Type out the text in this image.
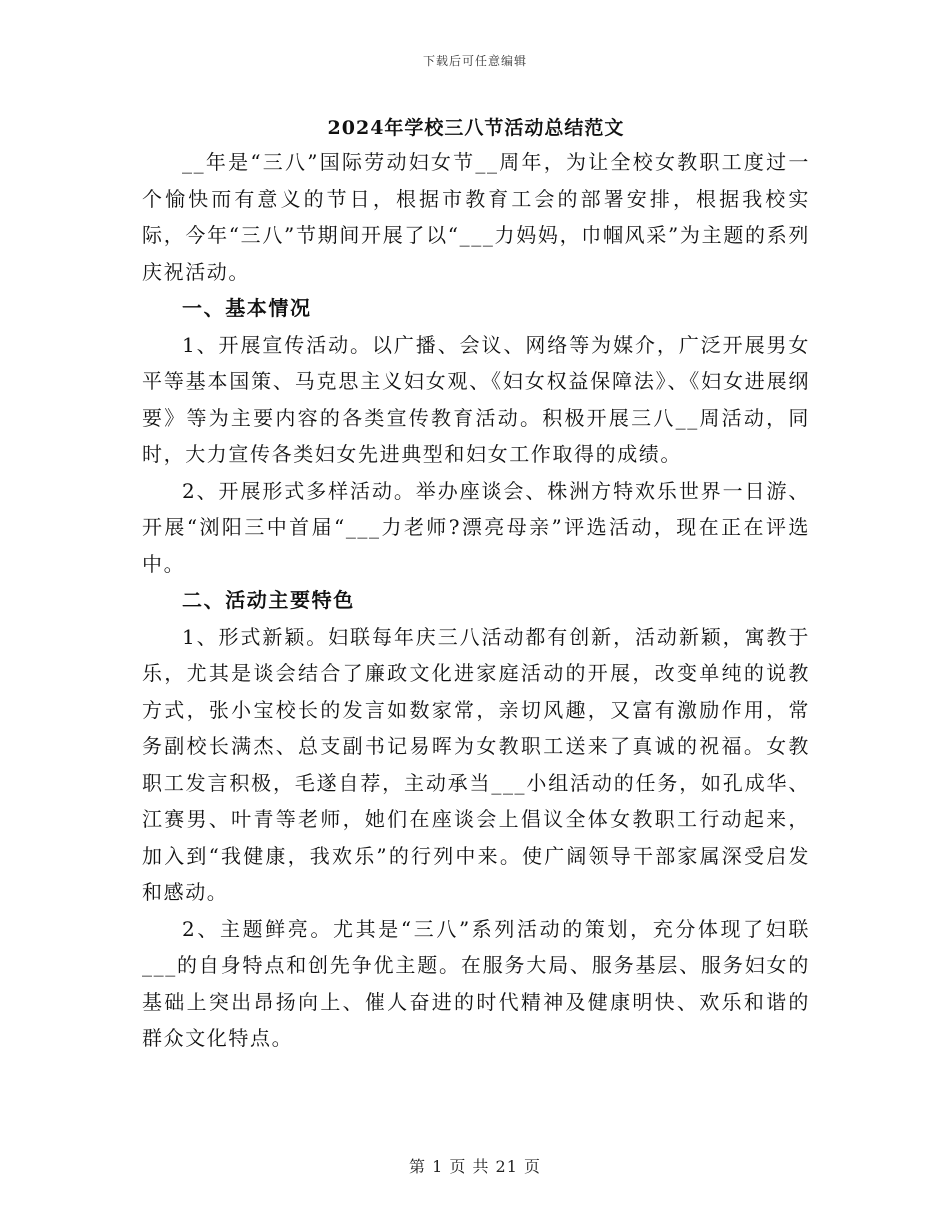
下载后可任意编辑

2024年学校三八节活动总结范文

__年是“三八”国际劳动妇女节__周年，为让全校女教职工度过一个愉快而有意义的节日，根据市教育工会的部署安排，根据我校实际，今年“三八”节期间开展了以“___力妈妈，巾帼风采”为主题的系列庆祝活动。

一、基本情况

1、开展宣传活动。以广播、会议、网络等为媒介，广泛开展男女平等基本国策、马克思主义妇女观、《妇女权益保障法》、《妇女进展纲要》等为主要内容的各类宣传教育活动。积极开展三八__周活动，同时，大力宣传各类妇女先进典型和妇女工作取得的成绩。

2、开展形式多样活动。举办座谈会、株洲方特欢乐世界一日游、开展“浏阳三中首届“___力老师?漂亮母亲”评选活动，现在正在评选中。

二、活动主要特色

1、形式新颖。妇联每年庆三八活动都有创新，活动新颖，寓教于乐，尤其是谈会结合了廉政文化进家庭活动的开展，改变单纯的说教方式，张小宝校长的发言如数家常，亲切风趣，又富有激励作用，常务副校长满杰、总支副书记易晖为女教职工送来了真诚的祝福。女教职工发言积极，毛遂自荐，主动承当___小组活动的任务，如孔成华、江赛男、叶青等老师，她们在座谈会上倡议全体女教职工行动起来，加入到“我健康，我欢乐”的行列中来。使广阔领导干部家属深受启发和感动。

2、主题鲜亮。尤其是“三八”系列活动的策划，充分体现了妇联___的自身特点和创先争优主题。在服务大局、服务基层、服务妇女的基础上突出昂扬向上、催人奋进的时代精神及健康明快、欢乐和谐的群众文化特点。

第 1 页 共 21 页
